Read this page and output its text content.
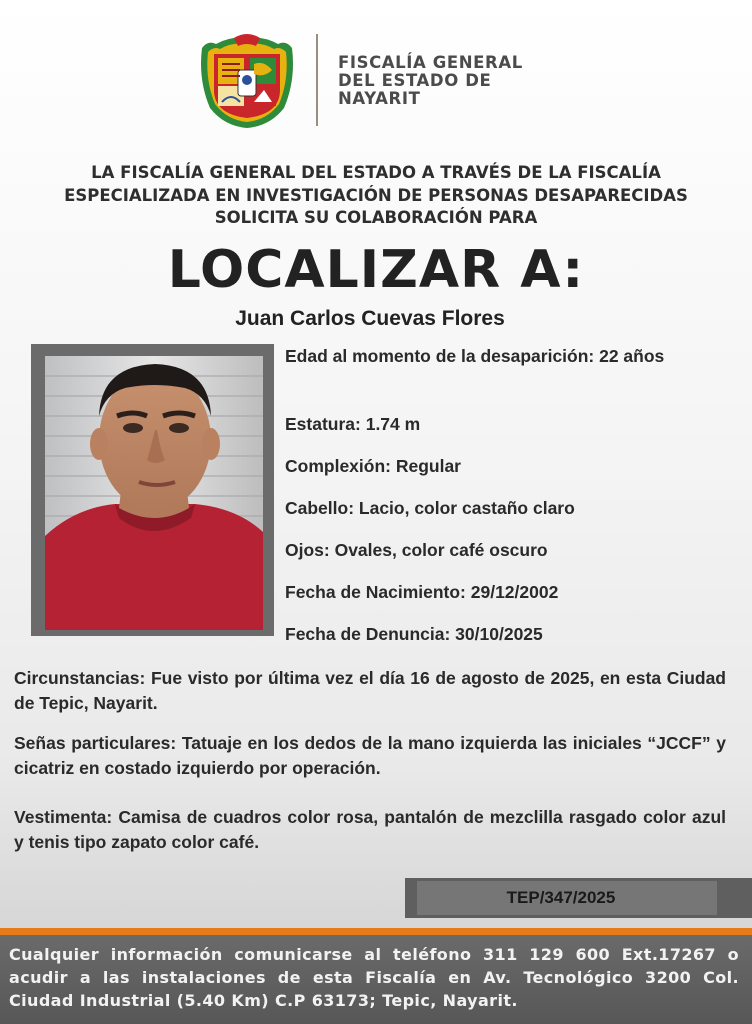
FISCALÍA GENERAL
DEL ESTADO DE
NAYARIT
LA FISCALÍA GENERAL DEL ESTADO A TRAVÉS DE LA FISCALÍA
ESPECIALIZADA EN INVESTIGACIÓN DE PERSONAS DESAPARECIDAS
SOLICITA SU COLABORACIÓN PARA
LOCALIZAR A:
Juan Carlos Cuevas Flores
Edad al momento de la desaparición: 22 años
Estatura: 1.74 m
Complexión: Regular
Cabello: Lacio, color castaño claro
Ojos: Ovales, color café oscuro
Fecha de Nacimiento: 29/12/2002
Fecha de Denuncia: 30/10/2025
Circunstancias: Fue visto por última vez el día 16 de agosto de 2025, en esta Ciudad de Tepic, Nayarit.
Señas particulares: Tatuaje en los dedos de la mano izquierda las iniciales “JCCF” y cicatriz en costado izquierdo por operación.
Vestimenta: Camisa de cuadros color rosa, pantalón de mezclilla rasgado color azul y tenis tipo zapato color café.
TEP/347/2025
Cualquier información comunicarse al teléfono 311 129 600 Ext.17267 o acudir a las instalaciones de esta Fiscalía en Av. Tecnológico 3200 Col. Ciudad Industrial (5.40 Km) C.P 63173; Tepic, Nayarit.
